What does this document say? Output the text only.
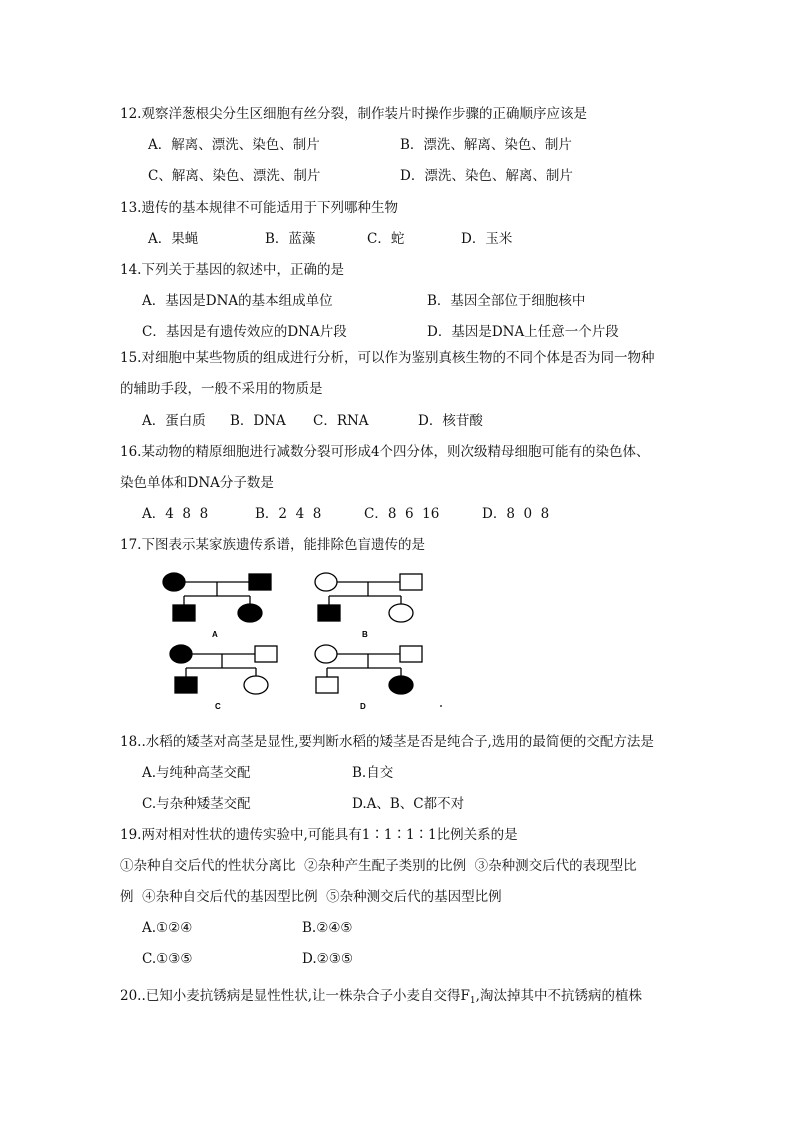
12.观察洋葱根尖分生区细胞有丝分裂，制作装片时操作步骤的正确顺序应该是
A．解离、漂洗、染色、制片	B．漂洗、解离、染色、制片
C、解离、染色、漂洗、制片	D．漂洗、染色、解离、制片
13.遗传的基本规律不可能适用于下列哪种生物
A．果蝇	B．蓝藻	C．蛇	D．玉米
14.下列关于基因的叙述中，正确的是
A．基因是DNA的基本组成单位	B．基因全部位于细胞核中
C．基因是有遗传效应的DNA片段	D．基因是DNA上任意一个片段
15.对细胞中某些物质的组成进行分析，可以作为鉴别真核生物的不同个体是否为同一物种
的辅助手段，一般不采用的物质是
A．蛋白质 B．DNA C．RNA	D．核苷酸
16.某动物的精原细胞进行减数分裂可形成4个四分体，则次级精母细胞可能有的染色体、
染色单体和DNA分子数是
A．4  8  8	B．2  4  8	C．8  6  16	D．8  0  8
17.下图表示某家族遗传系谱，能排除色盲遗传的是
A	B
C	D
18..水稻的矮茎对高茎是显性,要判断水稻的矮茎是否是纯合子,选用的最简便的交配方法是
A.与纯种高茎交配	B.自交
C.与杂种矮茎交配	D.A、B、C都不对
19.两对相对性状的遗传实验中,可能具有1∶1∶1∶1比例关系的是
①杂种自交后代的性状分离比  ②杂种产生配子类别的比例  ③杂种测交后代的表现型比
例  ④杂种自交后代的基因型比例  ⑤杂种测交后代的基因型比例
A.①②④	B.②④⑤
C.①③⑤	D.②③⑤
20..已知小麦抗锈病是显性性状,让一株杂合子小麦自交得$F_1$,淘汰掉其中不抗锈病的植株
